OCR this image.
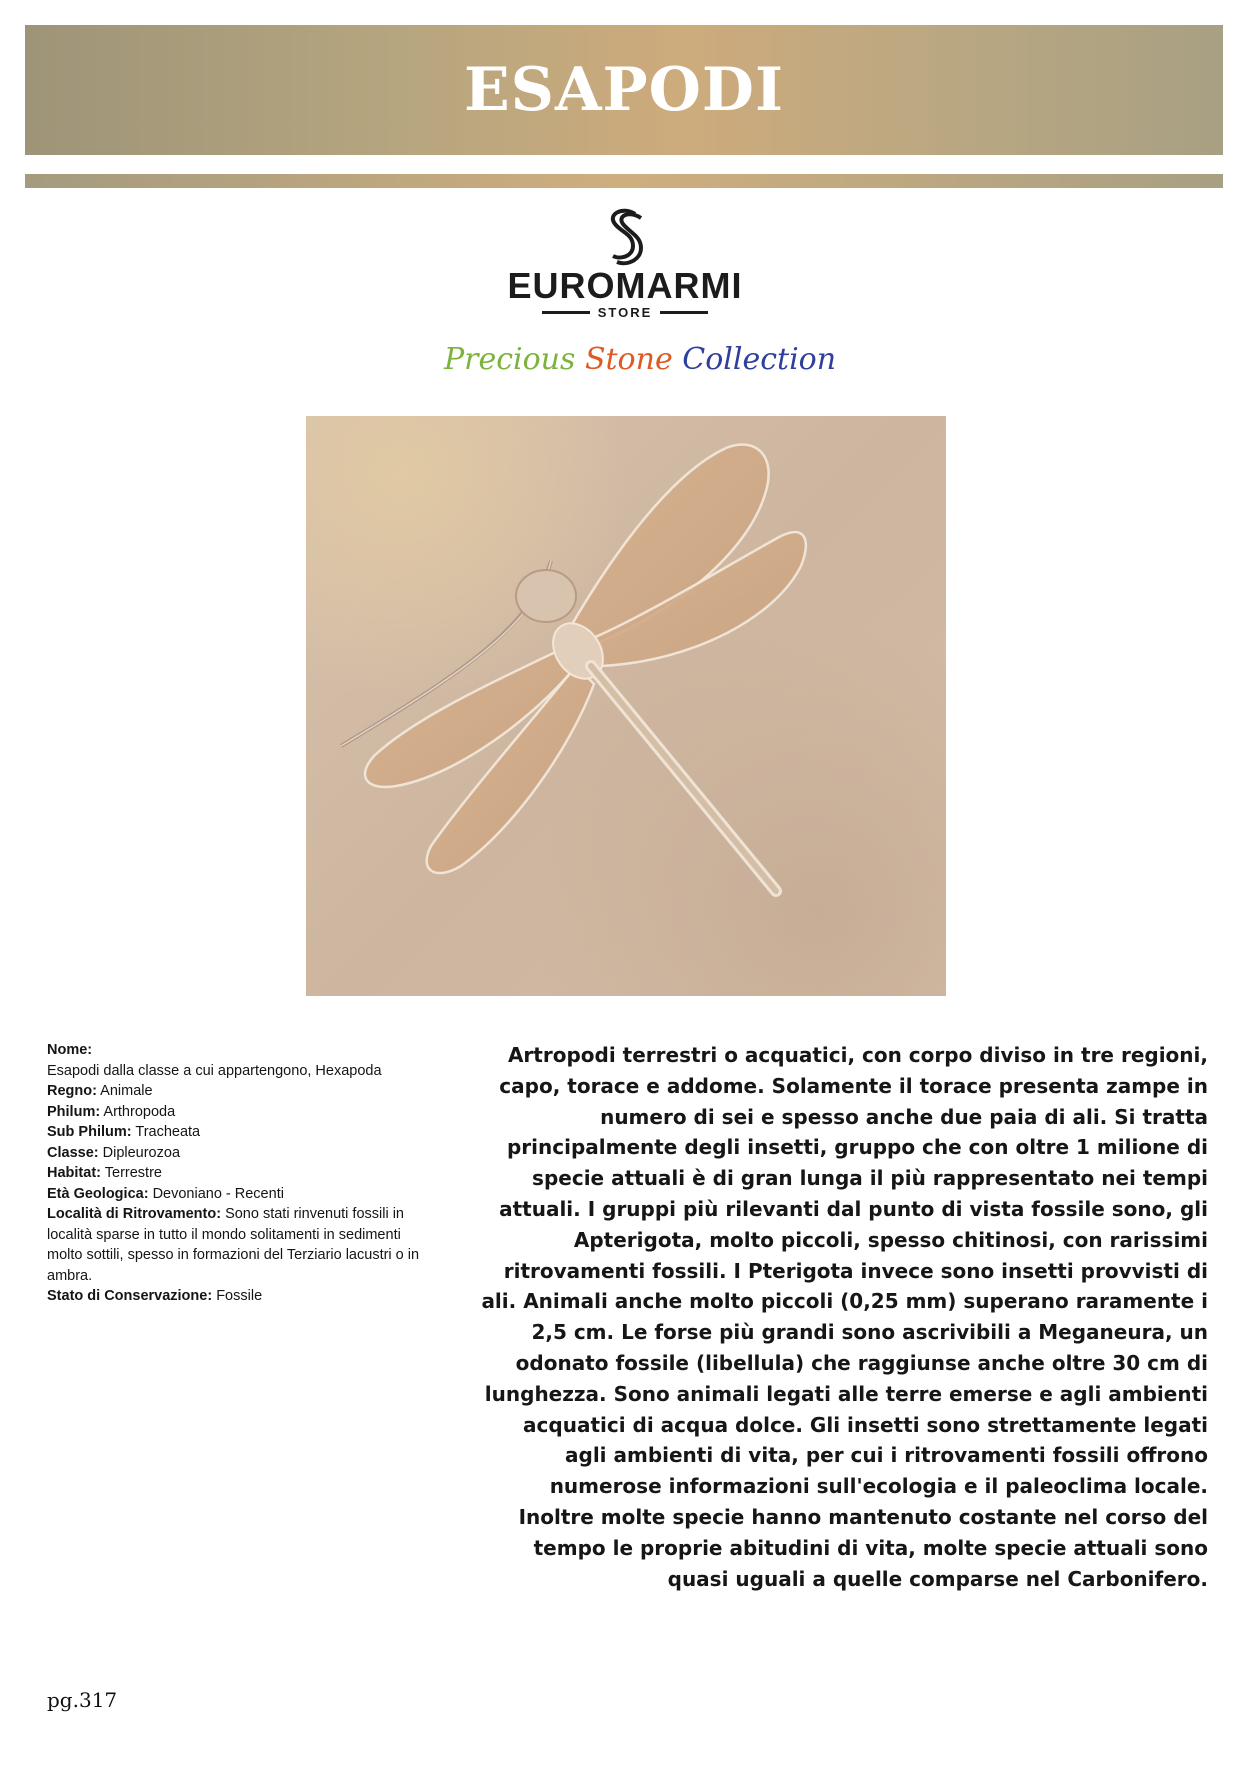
ESAPODI
EUROMARMI
STORE
Precious Stone Collection

Nome:

Esapodi dalla classe a cui appartengono, Hexapoda

Regno: Animale

Philum: Arthropoda

Sub Philum: Tracheata

Classe: Dipleurozoa

Habitat: Terrestre

Età Geologica: Devoniano - Recenti

Località di Ritrovamento: Sono stati rinvenuti fossili in località sparse in tutto il mondo solitamenti in sedimenti molto sottili, spesso in formazioni del Terziario lacustri o in ambra.

Stato di Conservazione: Fossile

Artropodi terrestri o acquatici, con corpo diviso in tre regioni, capo, torace e addome. Solamente il torace presenta zampe in numero di sei e spesso anche due paia di ali. Si tratta principalmente degli insetti, gruppo che con oltre 1 milione di specie attuali è di gran lunga il più rappresentato nei tempi attuali. I gruppi più rilevanti dal punto di vista fossile sono, gli Apterigota, molto piccoli, spesso chitinosi, con rarissimi ritrovamenti fossili. I Pterigota invece sono insetti provvisti di ali. Animali anche molto piccoli (0,25 mm) superano raramente i 2,5 cm. Le forse più grandi sono ascrivibili a Meganeura, un odonato fossile (libellula) che raggiunse anche oltre 30 cm di lunghezza. Sono animali legati alle terre emerse e agli ambienti acquatici di acqua dolce. Gli insetti sono strettamente legati agli ambienti di vita, per cui i ritrovamenti fossili offrono numerose informazioni sull'ecologia e il paleoclima locale. Inoltre molte specie hanno mantenuto costante nel corso del tempo le proprie abitudini di vita, molte specie attuali sono quasi uguali a quelle comparse nel Carbonifero.
pg.317
